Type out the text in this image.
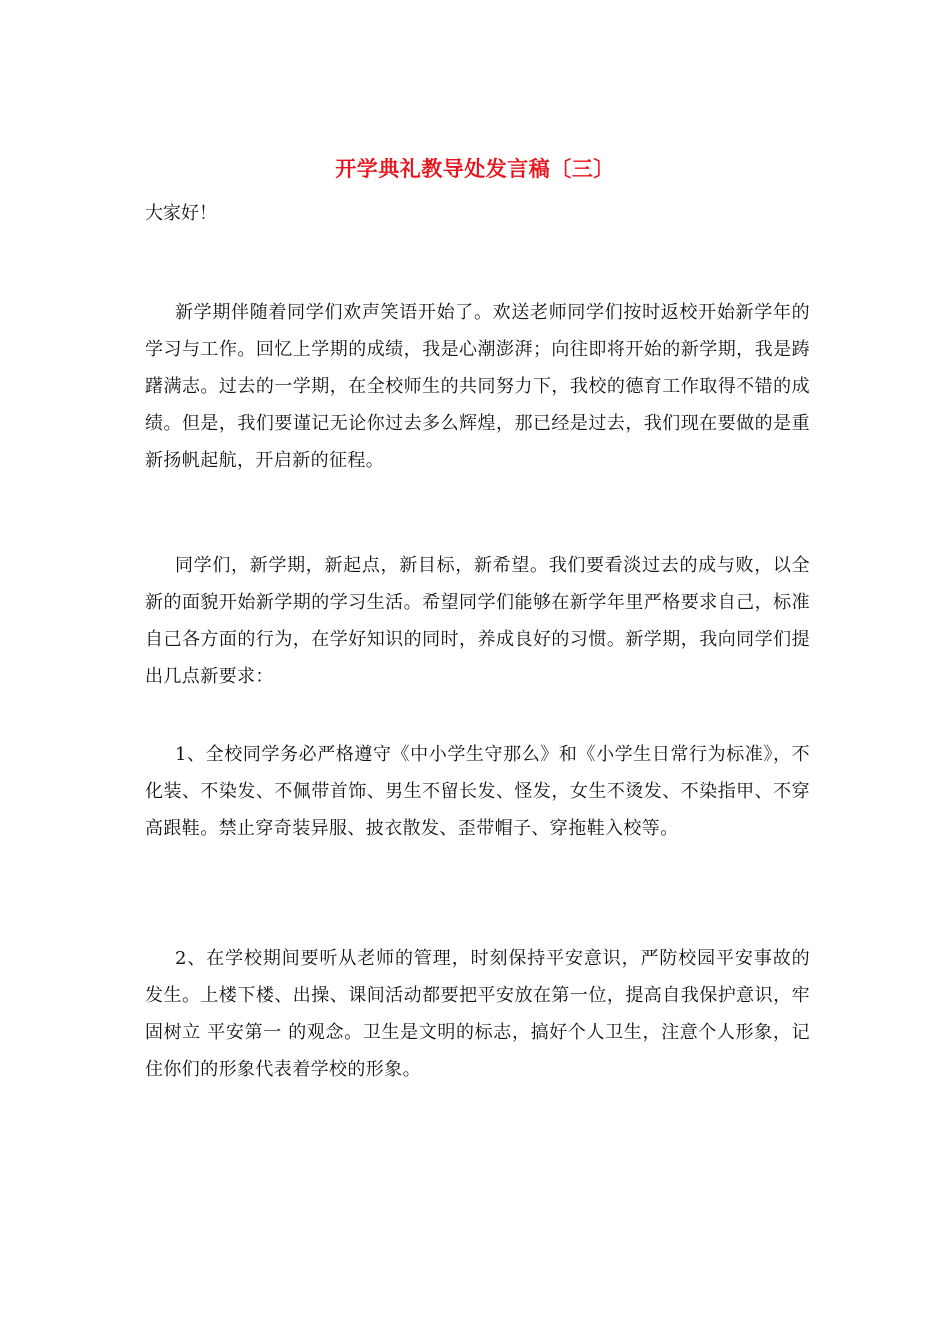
开学典礼教导处发言稿〔三〕
大家好！

新学期伴随着同学们欢声笑语开始了。欢送老师同学们按时返校开始新学年的学习与工作。回忆上学期的成绩，我是心潮澎湃；向往即将开始的新学期，我是踌躇满志。过去的一学期，在全校师生的共同努力下，我校的德育工作取得不错的成绩。但是，我们要谨记无论你过去多么辉煌，那已经是过去，我们现在要做的是重新扬帆起航，开启新的征程。

同学们，新学期，新起点，新目标，新希望。我们要看淡过去的成与败，以全新的面貌开始新学期的学习生活。希望同学们能够在新学年里严格要求自己，标准自己各方面的行为，在学好知识的同时，养成良好的习惯。新学期，我向同学们提出几点新要求：

1、全校同学务必严格遵守《中小学生守那么》和《小学生日常行为标准》，不化装、不染发、不佩带首饰、男生不留长发、怪发，女生不烫发、不染指甲、不穿高跟鞋。禁止穿奇装异服、披衣散发、歪带帽子、穿拖鞋入校等。

2、在学校期间要听从老师的管理，时刻保持平安意识，严防校园平安事故的发生。上楼下楼、出操、课间活动都要把平安放在第一位，提高自我保护意识，牢固树立 平安第一 的观念。卫生是文明的标志，搞好个人卫生，注意个人形象，记住你们的形象代表着学校的形象。
